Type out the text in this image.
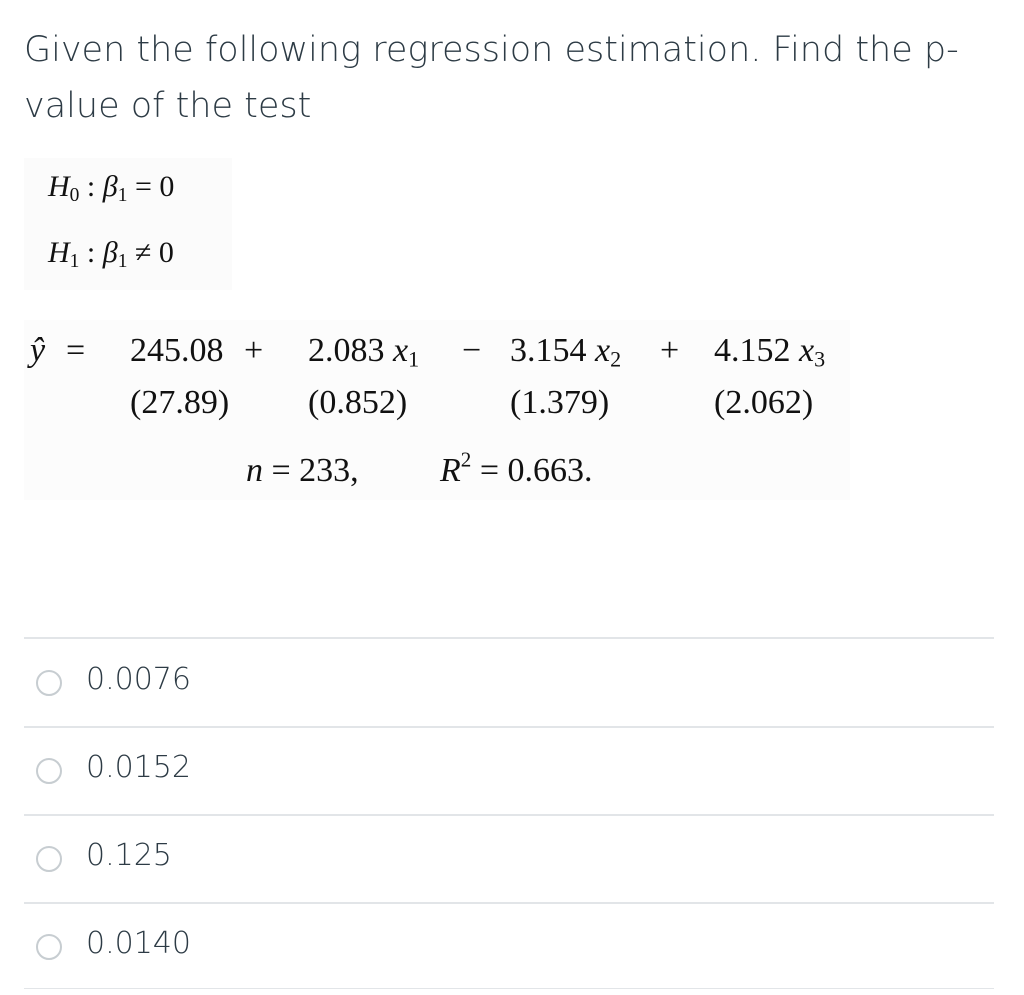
Given the following regression estimation. Find the p-value of the test
$H_0$ : $\beta_1 = 0$
$H_1$ : $\beta_1 \ne 0$
ŷ = 245.08 + 2.083 $x_1 - 3.154$ $x_2 + 4.152$ $x_3$
(27.89) (0.852)	(1.379)	(2.062)
n = 233, $R^2 = 0.663$.
0.0076
0.0152
0.125
0.0140
